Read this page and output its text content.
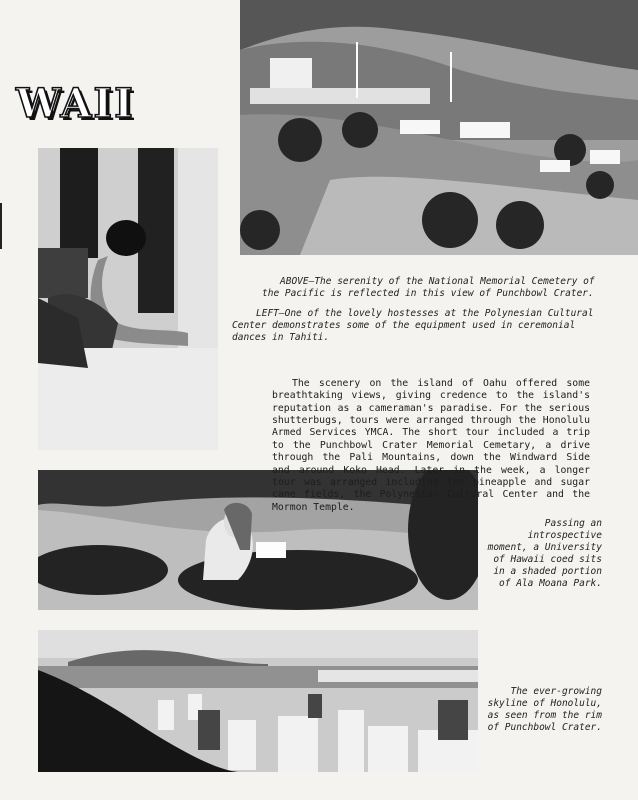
WAII

ABOVE—The serenity of the National Memorial Cemetery of the Pacific is reflected in this view of Punchbowl Crater.

LEFT—One of the lovely hostesses at the Polynesian Cultural Center demonstrates some of the equipment used in ceremonial dances in Tahiti.

The scenery on the island of Oahu offered some breathtaking views, giving credence to the island's reputation as a cameraman's paradise. For the serious shutterbugs, tours were arranged through the Honolulu Armed Services YMCA. The short tour included a trip to the Punchbowl Crater Memorial Cemetary, a drive through the Pali Mountains, down the Windward Side and around Koko Head. Later in the week, a longer tour was arranged including the pineapple and sugar cane fields, the Polynesian Cultural Center and the Mormon Temple.

Passing an introspective moment, a University of Hawaii coed sits in a shaded portion of Ala Moana Park.

The ever-growing skyline of Honolulu, as seen from the rim of Punchbowl Crater.
